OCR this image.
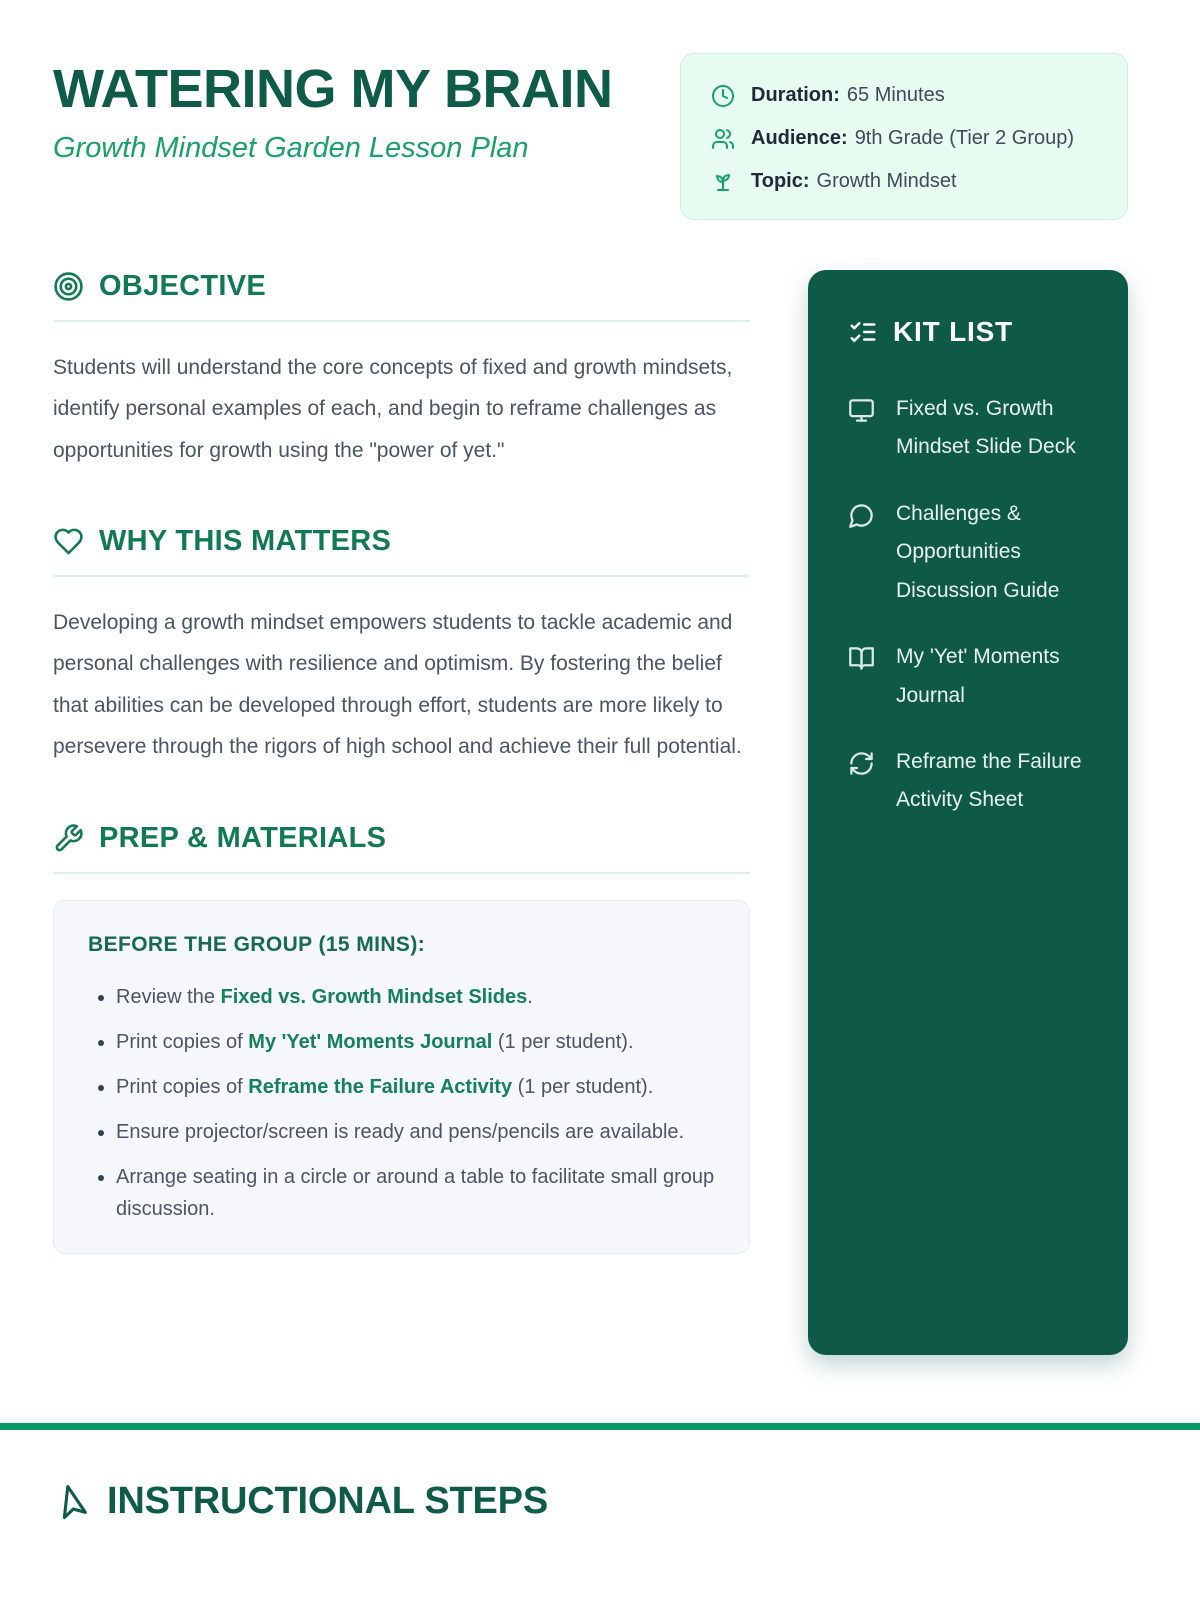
WATERING MY BRAIN
Growth Mindset Garden Lesson Plan
Duration: 65 Minutes
Audience: 9th Grade (Tier 2 Group)
Topic: Growth Mindset
OBJECTIVE

Students will understand the core concepts of fixed and growth mindsets, identify personal examples of each, and begin to reframe challenges as opportunities for growth using the "power of yet."

WHY THIS MATTERS

Developing a growth mindset empowers students to tackle academic and personal challenges with resilience and optimism. By fostering the belief that abilities can be developed through effort, students are more likely to persevere through the rigors of high school and achieve their full potential.

PREP & MATERIALS
BEFORE THE GROUP (15 MINS):
• Review the Fixed vs. Growth Mindset Slides.
• Print copies of My 'Yet' Moments Journal (1 per student).
• Print copies of Reframe the Failure Activity (1 per student).
• Ensure projector/screen is ready and pens/pencils are available.
• Arrange seating in a circle or around a table to facilitate small group discussion.
KIT LIST
Fixed vs. Growth Mindset Slide Deck
Challenges & Opportunities Discussion Guide
My 'Yet' Moments Journal
Reframe the Failure Activity Sheet
INSTRUCTIONAL STEPS
